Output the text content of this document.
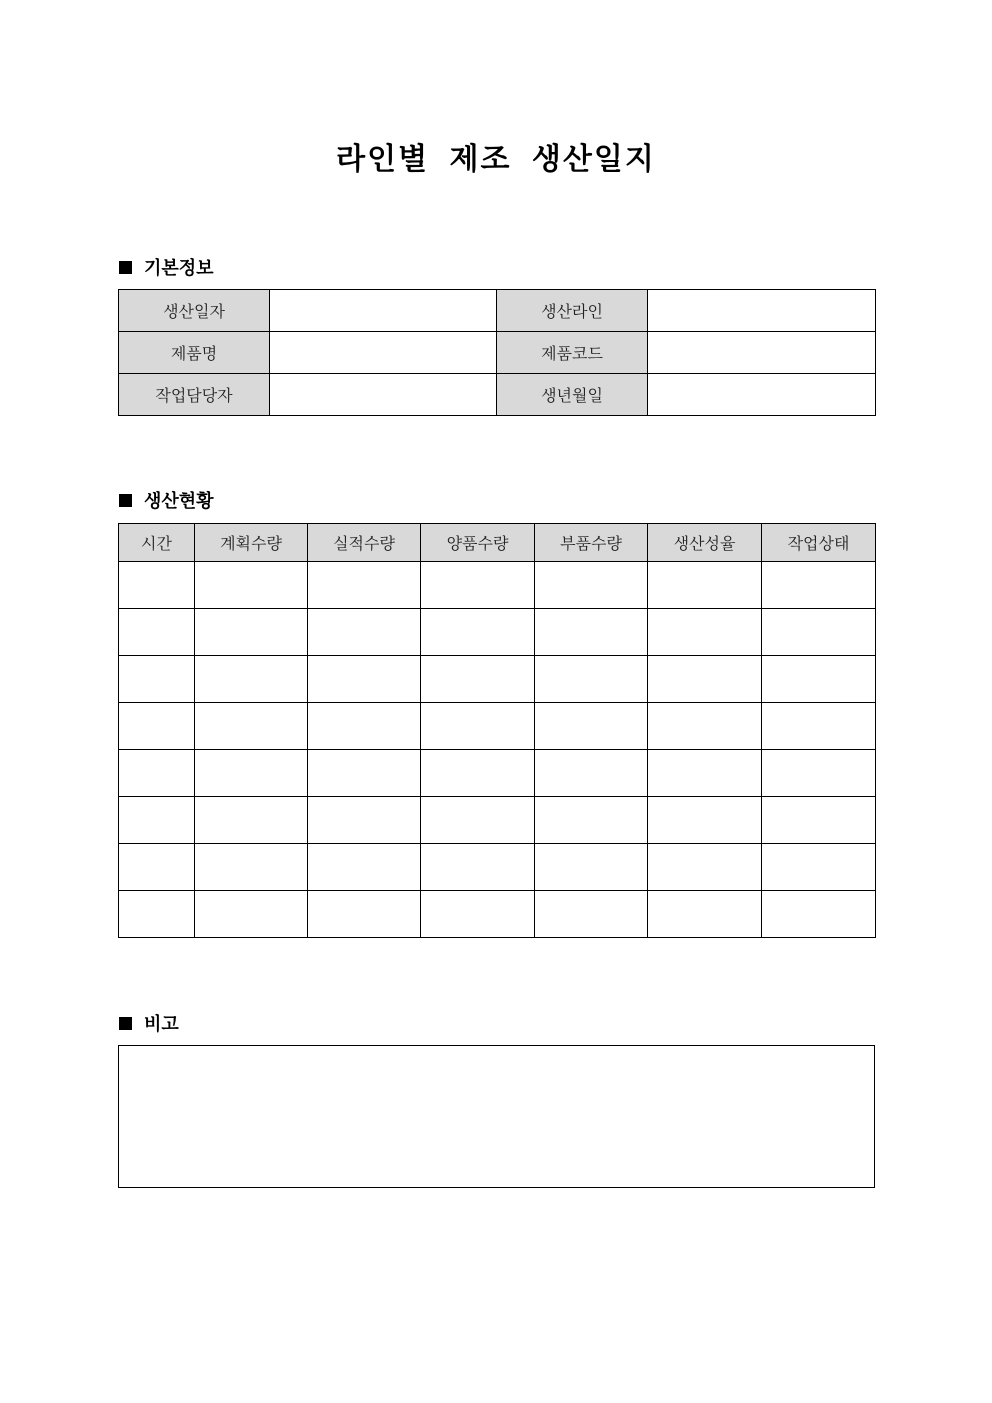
라인별 제조 생산일지
기본정보
생산일자		생산라인	
제품명		제품코드	
작업담당자		생년월일	
생산현황
시간	계획수량	실적수량	양품수량	부품수량	생산성율	작업상태

비고
